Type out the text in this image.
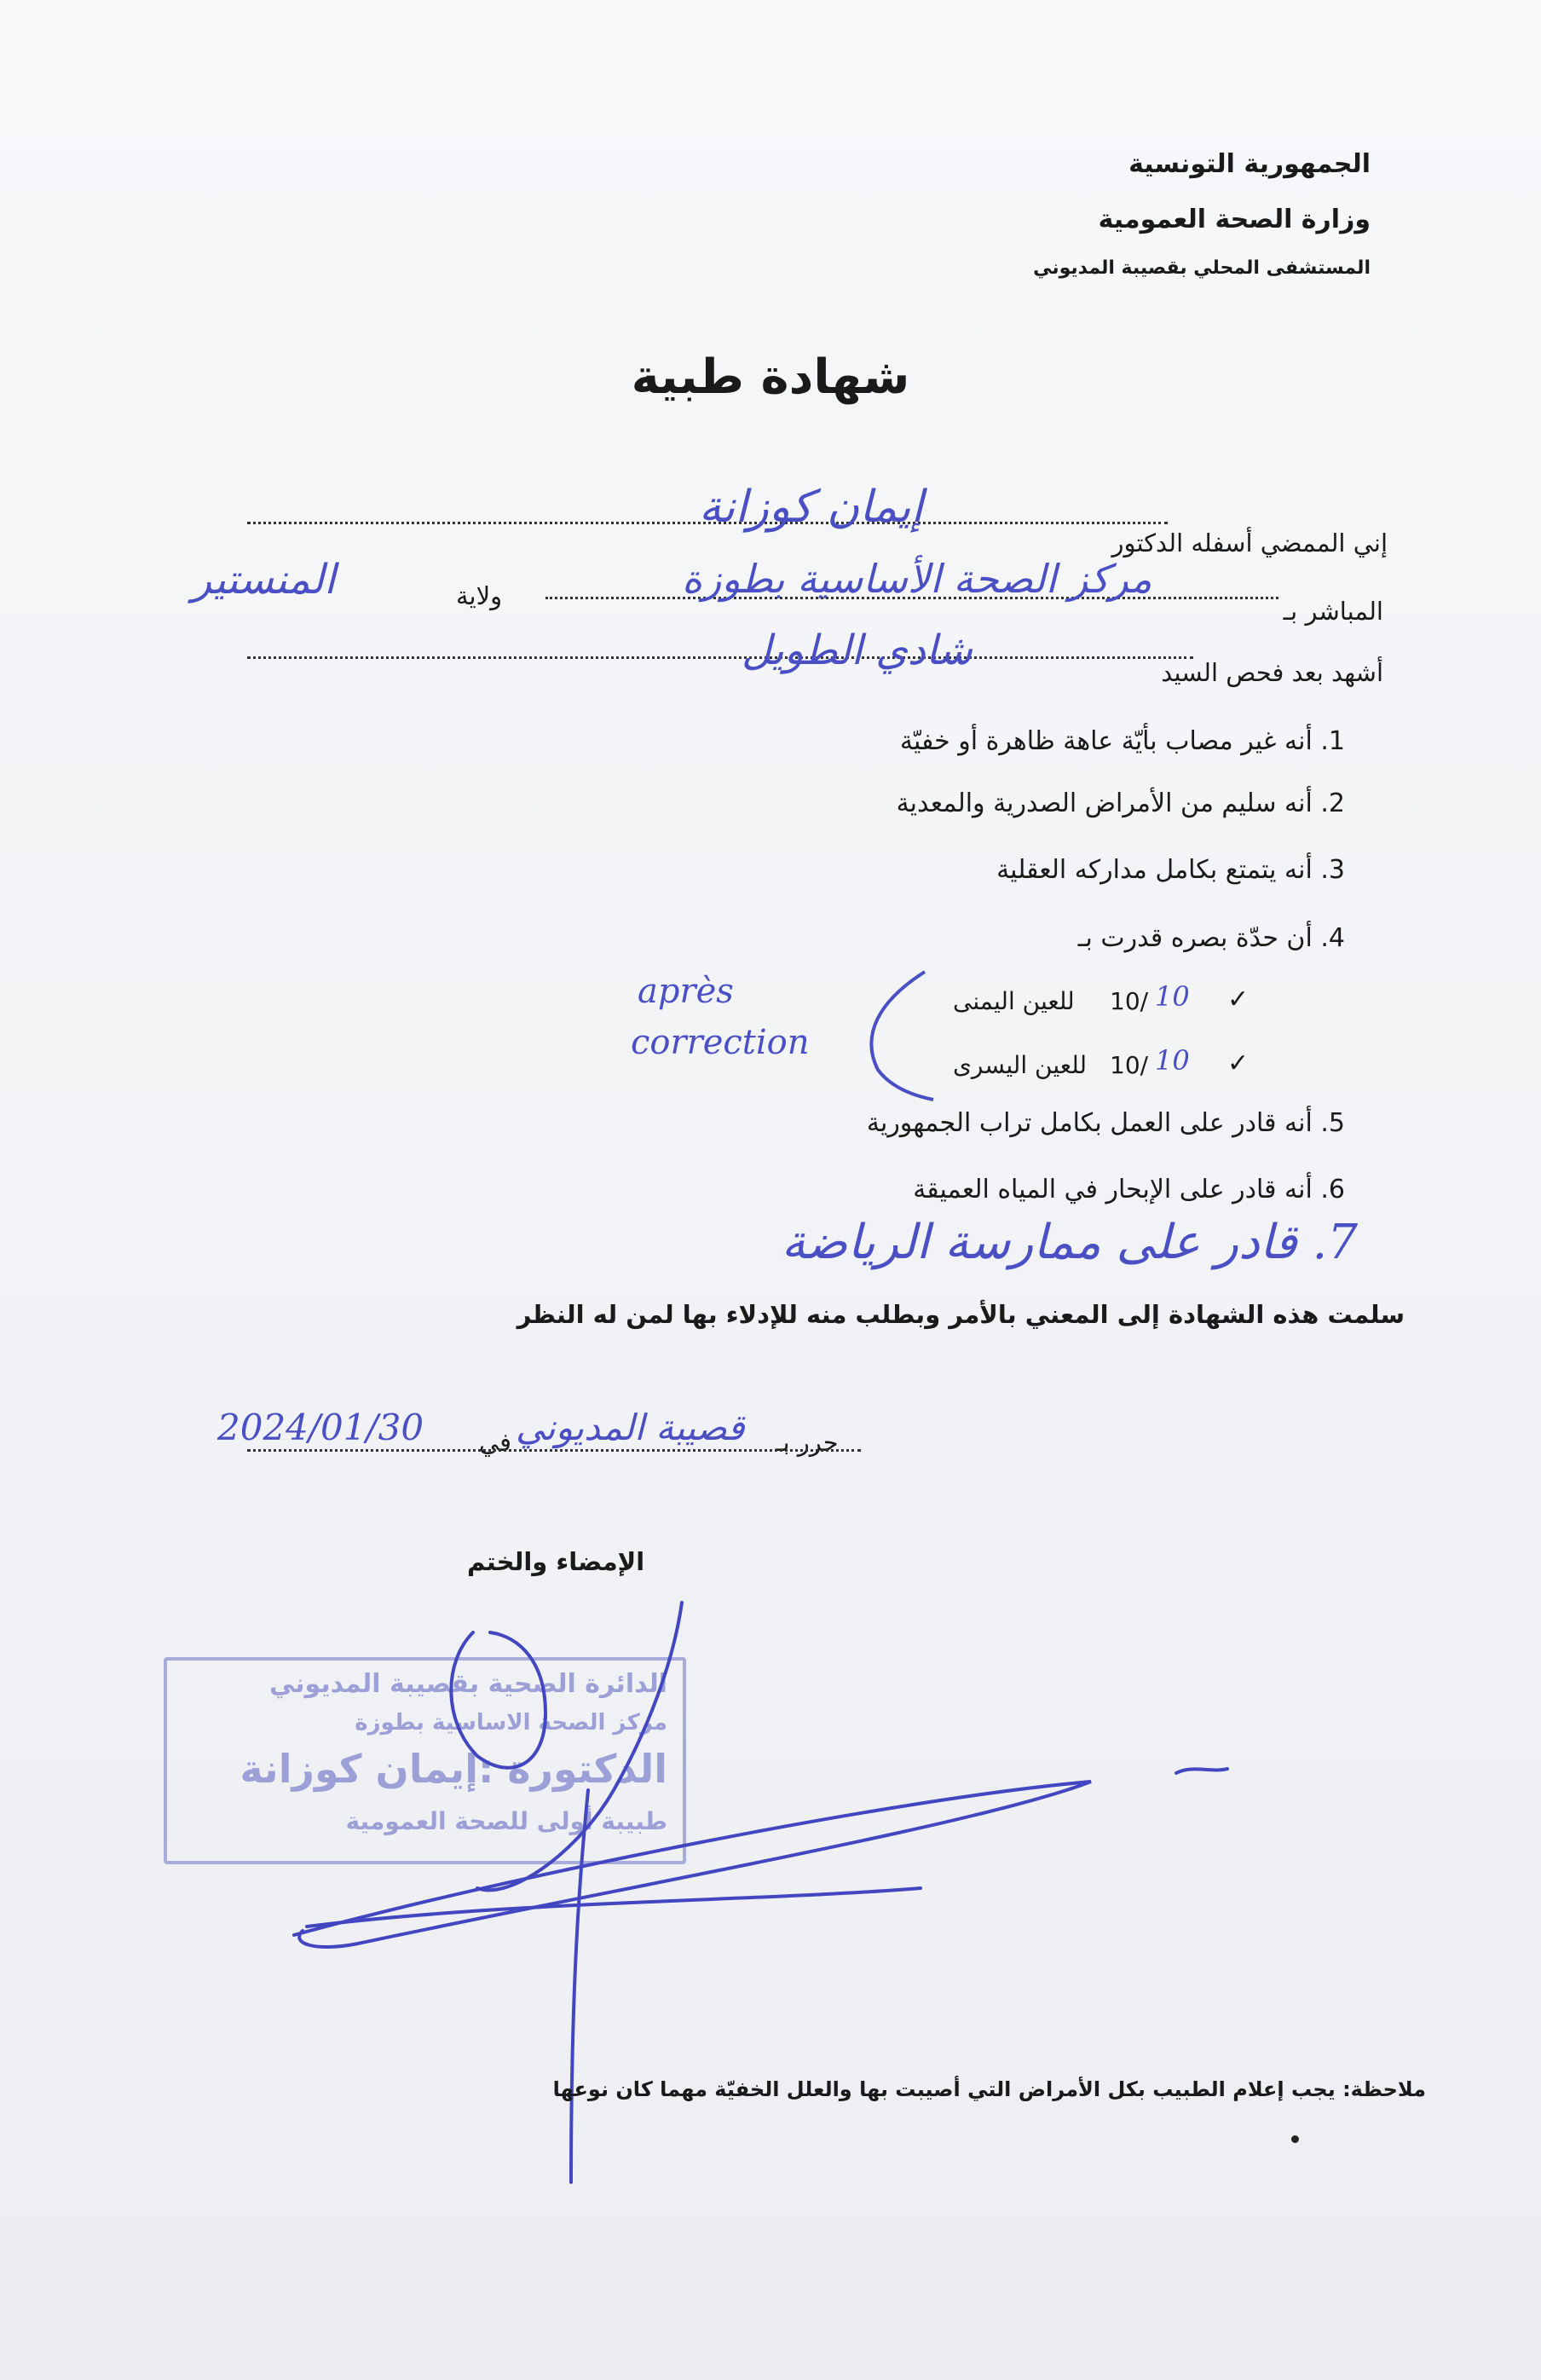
الجمهورية التونسية
وزارة الصحة العمومية
المستشفى المحلي بقصيبة المديوني
شهادة طبية
إني الممضي أسفله الدكتور
إيمان كوزانة
المباشر بـ
مركز الصحة الأساسية بطوزة
ولاية
المنستير
أشهد بعد فحص السيد
شادي الطويل
1. أنه غير مصاب بأيّة عاهة ظاهرة أو خفيّة
2. أنه سليم من الأمراض الصدرية والمعدية
3. أنه يتمتع بكامل مداركه العقلية
4. أن حدّة بصره قدرت بـ
✓
للعين اليمنى 10/ 10
✓
للعين اليسرى 10/ 10
après
correction
5. أنه قادر على العمل بكامل تراب الجمهورية
6. أنه قادر على الإبحار في المياه العميقة
7. قادر على ممارسة الرياضة
سلمت هذه الشهادة إلى المعني بالأمر وبطلب منه للإدلاء بها لمن له النظر
حرر بـ
قصيبة المديوني
في
2024/01/30
الإمضاء والختم
الدائرة الصحية بقصيبة المديوني
مركز الصحة الاساسية بطوزة
الدكتورة :إيمان كوزانة
طبيبة أولى للصحة العمومية
ملاحظة: يجب إعلام الطبيب بكل الأمراض التي أصيبت بها والعلل الخفيّة مهما كان نوعها
